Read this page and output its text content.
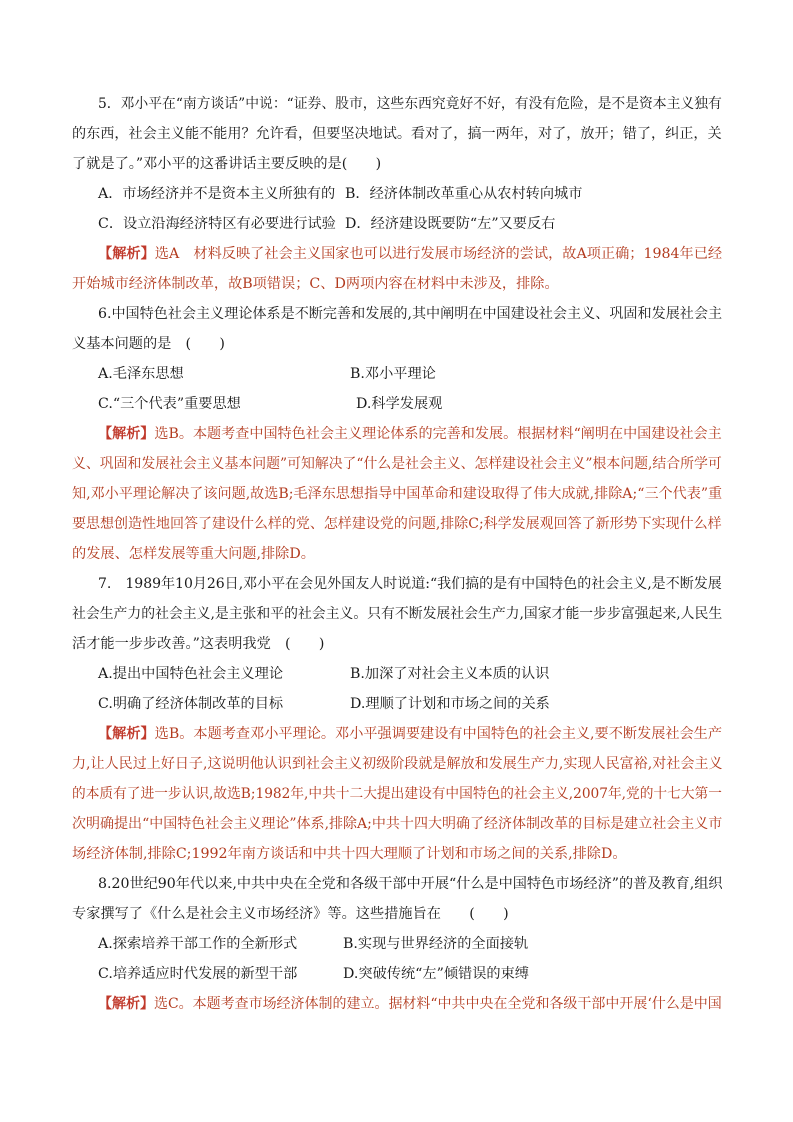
5．邓小平在“南方谈话”中说：“证券、股市，这些东西究竟好不好，有没有危险，是不是资本主义独有
的东西，社会主义能不能用？允许看，但要坚决地试。看对了，搞一两年，对了，放开；错了，纠正，关
了就是了。”邓小平的这番讲话主要反映的是(　　)
A．市场经济并不是资本主义所独有的 B．经济体制改革重心从农村转向城市
C．设立沿海经济特区有必要进行试验 D．经济建设既要防“左”又要反右
【解析】选A　材料反映了社会主义国家也可以进行发展市场经济的尝试，故A项正确；1984年已经
开始城市经济体制改革，故B项错误；C、D两项内容在材料中未涉及，排除。
6.中国特色社会主义理论体系是不断完善和发展的,其中阐明在中国建设社会主义、巩固和发展社会主
义基本问题的是　(　　)
A.毛泽东思想	B.邓小平理论
C.“三个代表”重要思想	D.科学发展观
【解析】选B。本题考查中国特色社会主义理论体系的完善和发展。根据材料“阐明在中国建设社会主
义、巩固和发展社会主义基本问题”可知解决了“什么是社会主义、怎样建设社会主义”根本问题,结合所学可
知,邓小平理论解决了该问题,故选B;毛泽东思想指导中国革命和建设取得了伟大成就,排除A;“三个代表”重
要思想创造性地回答了建设什么样的党、怎样建设党的问题,排除C;科学发展观回答了新形势下实现什么样
的发展、怎样发展等重大问题,排除D。
7.　1989年10月26日,邓小平在会见外国友人时说道:“我们搞的是有中国特色的社会主义,是不断发展
社会生产力的社会主义,是主张和平的社会主义。只有不断发展社会生产力,国家才能一步步富强起来,人民生
活才能一步步改善。”这表明我党　(　　)
A.提出中国特色社会主义理论	B.加深了对社会主义本质的认识
C.明确了经济体制改革的目标	D.理顺了计划和市场之间的关系
【解析】选B。本题考查邓小平理论。邓小平强调要建设有中国特色的社会主义,要不断发展社会生产
力,让人民过上好日子,这说明他认识到社会主义初级阶段就是解放和发展生产力,实现人民富裕,对社会主义
的本质有了进一步认识,故选B;1982年,中共十二大提出建设有中国特色的社会主义,2007年,党的十七大第一
次明确提出“中国特色社会主义理论”体系,排除A;中共十四大明确了经济体制改革的目标是建立社会主义市
场经济体制,排除C;1992年南方谈话和中共十四大理顺了计划和市场之间的关系,排除D。
8.20世纪90年代以来,中共中央在全党和各级干部中开展“什么是中国特色市场经济”的普及教育,组织
专家撰写了《什么是社会主义市场经济》等。这些措施旨在　　(　　)
A.探索培养干部工作的全新形式	B.实现与世界经济的全面接轨
C.培养适应时代发展的新型干部	D.突破传统“左”倾错误的束缚
【解析】选C。本题考查市场经济体制的建立。据材料“中共中央在全党和各级干部中开展‘什么是中国
